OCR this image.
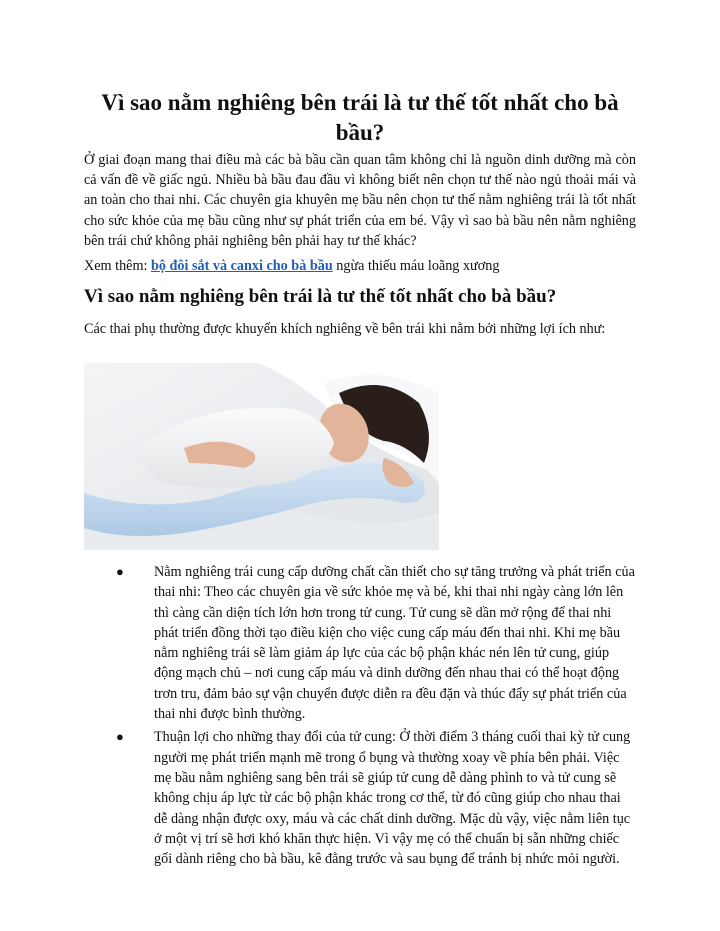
Vì sao nằm nghiêng bên trái là tư thế tốt nhất cho bà bầu?

Ở giai đoạn mang thai điều mà các bà bầu cần quan tâm không chỉ là nguồn dinh dưỡng mà còn cả vấn đề về giấc ngủ. Nhiều bà bầu đau đầu vì không biết nên chọn tư thế nào ngủ thoải mái và an toàn cho thai nhi. Các chuyên gia khuyên mẹ bầu nên chọn tư thế nằm nghiêng trái là tốt nhất cho sức khỏe của mẹ bầu cũng như sự phát triển của em bé. Vậy vì sao bà bầu nên nằm nghiêng bên trái chứ không phải nghiêng bên phải hay tư thế khác?

Xem thêm: bộ đôi sắt và canxi cho bà bầu ngừa thiếu máu loãng xương

Vì sao nằm nghiêng bên trái là tư thế tốt nhất cho bà bầu?

Các thai phụ thường được khuyến khích nghiêng về bên trái khi nằm bởi những lợi ích như:

● Nằm nghiêng trái cung cấp dưỡng chất cần thiết cho sự tăng trưởng và phát triển của thai nhi: Theo các chuyên gia về sức khỏe mẹ và bé, khi thai nhi ngày càng lớn lên thì càng cần diện tích lớn hơn trong tử cung. Tử cung sẽ dần mở rộng để thai nhi phát triển đồng thời tạo điều kiện cho việc cung cấp máu đến thai nhi. Khi mẹ bầu nằm nghiêng trái sẽ làm giảm áp lực của các bộ phận khác nén lên tử cung, giúp động mạch chủ – nơi cung cấp máu và dinh dưỡng đến nhau thai có thể hoạt động trơn tru, đảm bảo sự vận chuyển được diễn ra đều đặn và thúc đẩy sự phát triển của thai nhi được bình thường.
● Thuận lợi cho những thay đổi của tử cung: Ở thời điểm 3 tháng cuối thai kỳ tử cung người mẹ phát triển mạnh mẽ trong ổ bụng và thường xoay về phía bên phải. Việc mẹ bầu nằm nghiêng sang bên trái sẽ giúp tử cung dễ dàng phình to và tử cung sẽ không chịu áp lực từ các bộ phận khác trong cơ thể, từ đó cũng giúp cho nhau thai dễ dàng nhận được oxy, máu và các chất dinh dưỡng. Mặc dù vậy, việc nằm liên tục ở một vị trí sẽ hơi khó khăn thực hiện. Vì vậy mẹ có thể chuẩn bị sẵn những chiếc gối dành riêng cho bà bầu, kê đằng trước và sau bụng để tránh bị nhức mỏi người.
